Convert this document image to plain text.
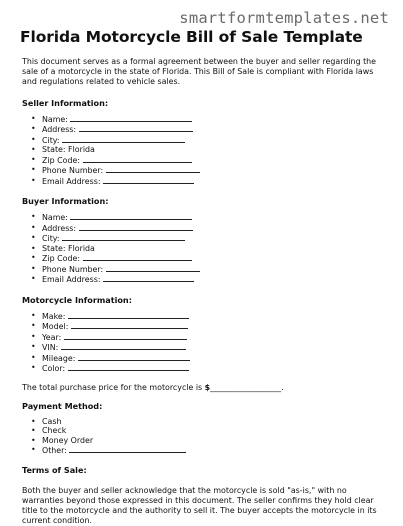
smartformtemplates.net
Florida Motorcycle Bill of Sale Template

This document serves as a formal agreement between the buyer and seller regarding the sale of a motorcycle in the state of Florida. This Bill of Sale is compliant with Florida laws and regulations related to vehicle sales.

Seller Information:
• Name:
• Address:
• City:
• State: Florida
• Zip Code:
• Phone Number:
• Email Address:
Buyer Information:
• Name:
• Address:
• City:
• State: Florida
• Zip Code:
• Phone Number:
• Email Address:
Motorcycle Information:
• Make:
• Model:
• Year:
• VIN:
• Mileage:
• Color:

The total purchase price for the motorcycle is $__________________.

Payment Method:
• Cash
• Check
• Money Order
• Other:
Terms of Sale:

Both the buyer and seller acknowledge that the motorcycle is sold "as-is," with no warranties beyond those expressed in this document. The seller confirms they hold clear title to the motorcycle and the authority to sell it. The buyer accepts the motorcycle in its current condition.
